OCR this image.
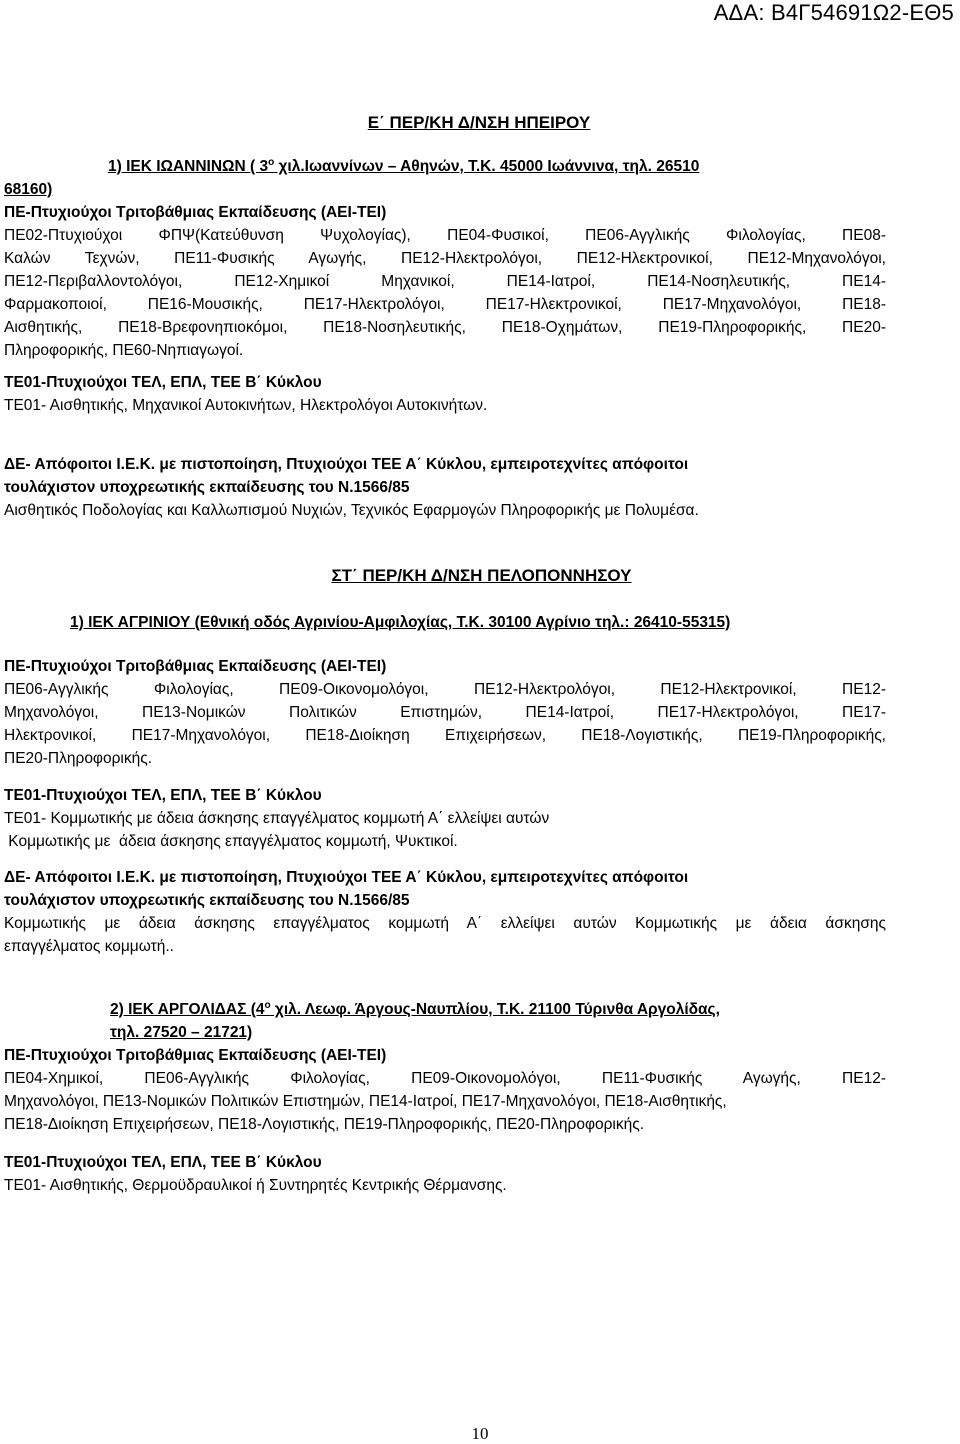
ΑΔΑ: Β4Γ54691Ω2-ΕΘ5
Ε΄ ΠΕΡ/ΚΗ Δ/ΝΣΗ ΗΠΕΙΡΟΥ
1) ΙΕΚ ΙΩΑΝΝΙΝΩΝ ( $3^o$ χιλ.Ιωαννίνων – Αθηνών, Τ.Κ. 45000 Ιωάννινα, τηλ. 26510
68160)
ΠΕ-Πτυχιούχοι Τριτοβάθμιας Εκπαίδευσης (ΑΕΙ-ΤΕΙ)
ΠΕ02-Πτυχιούχοι ΦΠΨ(Κατεύθυνση Ψυχολογίας), ΠΕ04-Φυσικοί, ΠΕ06-Αγγλικής Φιλολογίας, ΠΕ08-
Καλών Τεχνών, ΠΕ11-Φυσικής Αγωγής, ΠΕ12-Ηλεκτρολόγοι, ΠΕ12-Ηλεκτρονικοί, ΠΕ12-Μηχανολόγοι,
ΠΕ12-Περιβαλλοντολόγοι, ΠΕ12-Χημικοί Μηχανικοί, ΠΕ14-Ιατροί, ΠΕ14-Νοσηλευτικής, ΠΕ14-
Φαρμακοποιοί, ΠΕ16-Μουσικής, ΠΕ17-Ηλεκτρολόγοι, ΠΕ17-Ηλεκτρονικοί, ΠΕ17-Μηχανολόγοι, ΠΕ18-
Αισθητικής, ΠΕ18-Βρεφονηπιοκόμοι, ΠΕ18-Νοσηλευτικής, ΠΕ18-Οχημάτων, ΠΕ19-Πληροφορικής, ΠΕ20-
Πληροφορικής, ΠΕ60-Νηπιαγωγοί.
ΤΕ01-Πτυχιούχοι ΤΕΛ, ΕΠΛ, ΤΕΕ Β΄ Κύκλου
ΤΕ01- Αισθητικής, Μηχανικοί Αυτοκινήτων, Ηλεκτρολόγοι Αυτοκινήτων.
ΔΕ- Απόφοιτοι Ι.Ε.Κ. με πιστοποίηση, Πτυχιούχοι ΤΕΕ Α΄ Κύκλου, εμπειροτεχνίτες απόφοιτοι
τουλάχιστον υποχρεωτικής εκπαίδευσης του Ν.1566/85
Αισθητικός Ποδολογίας και Καλλωπισμού Νυχιών, Τεχνικός Εφαρμογών Πληροφορικής με Πολυμέσα.
ΣΤ΄ ΠΕΡ/ΚΗ Δ/ΝΣΗ ΠΕΛΟΠΟΝΝΗΣΟΥ
1) ΙΕΚ ΑΓΡΙΝΙΟΥ (Εθνική οδός Αγρινίου-Αμφιλοχίας, Τ.Κ. 30100 Αγρίνιο τηλ.: 26410-55315)
ΠΕ-Πτυχιούχοι Τριτοβάθμιας Εκπαίδευσης (ΑΕΙ-ΤΕΙ)
ΠΕ06-Αγγλικής Φιλολογίας, ΠΕ09-Οικονομολόγοι, ΠΕ12-Ηλεκτρολόγοι, ΠΕ12-Ηλεκτρονικοί, ΠΕ12-
Μηχανολόγοι, ΠΕ13-Νομικών Πολιτικών Επιστημών, ΠΕ14-Ιατροί, ΠΕ17-Ηλεκτρολόγοι, ΠΕ17-
Ηλεκτρονικοί, ΠΕ17-Μηχανολόγοι, ΠΕ18-Διοίκηση Επιχειρήσεων, ΠΕ18-Λογιστικής, ΠΕ19-Πληροφορικής,
ΠΕ20-Πληροφορικής.
ΤΕ01-Πτυχιούχοι ΤΕΛ, ΕΠΛ, ΤΕΕ Β΄ Κύκλου
ΤΕ01- Κομμωτικής με άδεια άσκησης επαγγέλματος κομμωτή Α΄ ελλείψει αυτών
Κομμωτικής με  άδεια άσκησης επαγγέλματος κομμωτή, Ψυκτικοί.
ΔΕ- Απόφοιτοι Ι.Ε.Κ. με πιστοποίηση, Πτυχιούχοι ΤΕΕ Α΄ Κύκλου, εμπειροτεχνίτες απόφοιτοι
τουλάχιστον υποχρεωτικής εκπαίδευσης του Ν.1566/85
Κομμωτικής με άδεια άσκησης επαγγέλματος κομμωτή Α΄ ελλείψει αυτών Κομμωτικής με άδεια άσκησης
επαγγέλματος κομμωτή..
2) ΙΕΚ ΑΡΓΟΛΙΔΑΣ ($4^o$ χιλ. Λεωφ. Άργους-Ναυπλίου, Τ.Κ. 21100 Τύρινθα Αργολίδας,
τηλ. 27520 – 21721)
ΠΕ-Πτυχιούχοι Τριτοβάθμιας Εκπαίδευσης (ΑΕΙ-ΤΕΙ)
ΠΕ04-Χημικοί, ΠΕ06-Αγγλικής Φιλολογίας, ΠΕ09-Οικονομολόγοι, ΠΕ11-Φυσικής Αγωγής, ΠΕ12-
Μηχανολόγοι, ΠΕ13-Νομικών Πολιτικών Επιστημών, ΠΕ14-Ιατροί, ΠΕ17-Μηχανολόγοι, ΠΕ18-Αισθητικής,
ΠΕ18-Διοίκηση Επιχειρήσεων, ΠΕ18-Λογιστικής, ΠΕ19-Πληροφορικής, ΠΕ20-Πληροφορικής.
ΤΕ01-Πτυχιούχοι ΤΕΛ, ΕΠΛ, ΤΕΕ Β΄ Κύκλου
ΤΕ01- Αισθητικής, Θερμοϋδραυλικοί ή Συντηρητές Κεντρικής Θέρμανσης.
10
